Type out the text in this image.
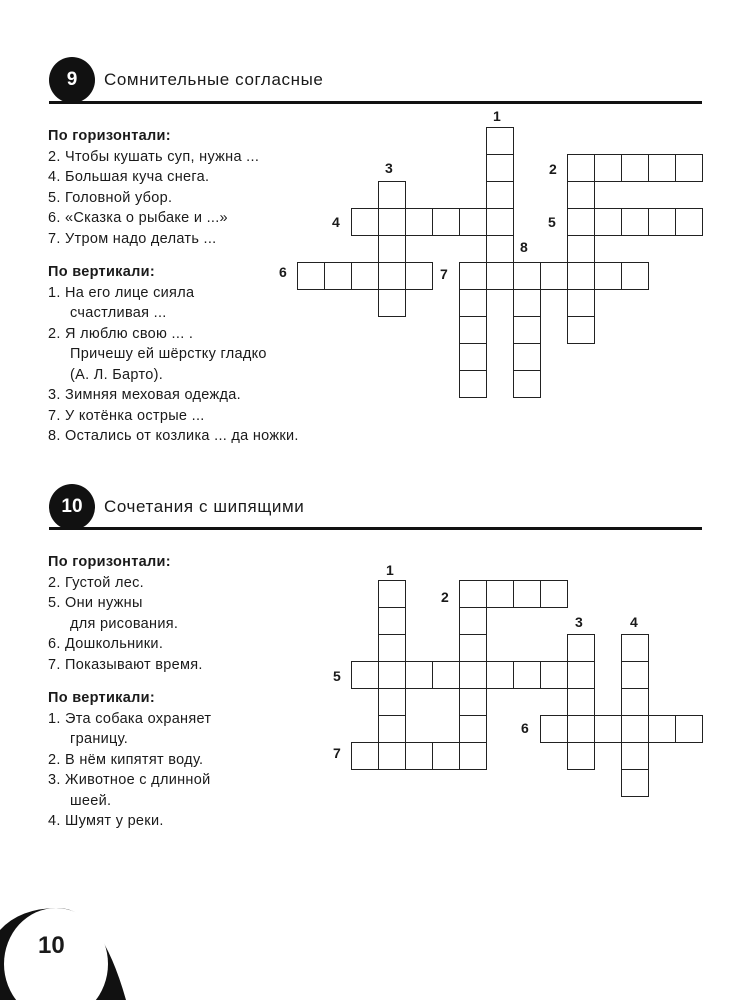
9 Сомнительные согласные
По горизонтали:
2. Чтобы кушать суп, нужна ...
4. Большая куча снега.
5. Головной убор.
6. «Сказка о рыбаке и ...»
7. Утром надо делать ...
По вертикали:
1. На его лице сияла
счастливая ...
2. Я люблю свою ... .
Причешу ей шёрстку гладко
(А. Л. Барто).
3. Зимняя меховая одежда.
7. У котёнка острые ...
8. Остались от козлика ... да ножки.
10 Сочетания с шипящими
По горизонтали:
2. Густой лес.
5. Они нужны
для рисования.
6. Дошкольники.
7. Показывают время.
По вертикали:
1. Эта собака охраняет
границу.
2. В нём кипятят воду.
3. Животное с длинной
шеей.
4. Шумят у реки.
1
2
3
4	5
6	7
8
1
2
3	4
5
6
7
10
